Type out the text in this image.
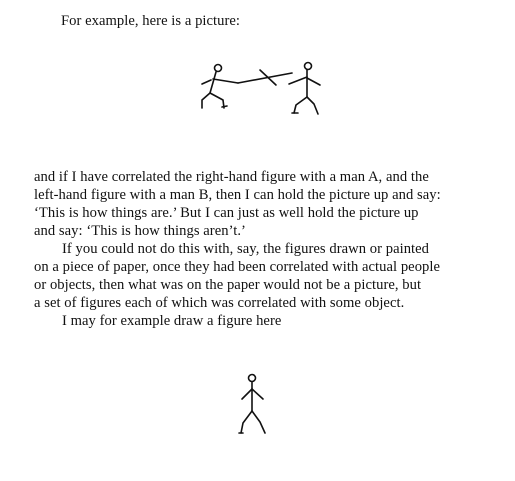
For example, here is a picture:
and if I have correlated the right-hand figure with a man A, and the
left-hand figure with a man B, then I can hold the picture up and say:
‘This is how things are.’ But I can just as well hold the picture up
and say: ‘This is how things aren’t.’
If you could not do this with, say, the figures drawn or painted
on a piece of paper, once they had been correlated with actual people
or objects, then what was on the paper would not be a picture, but
a set of figures each of which was correlated with some object.
I may for example draw a figure here
